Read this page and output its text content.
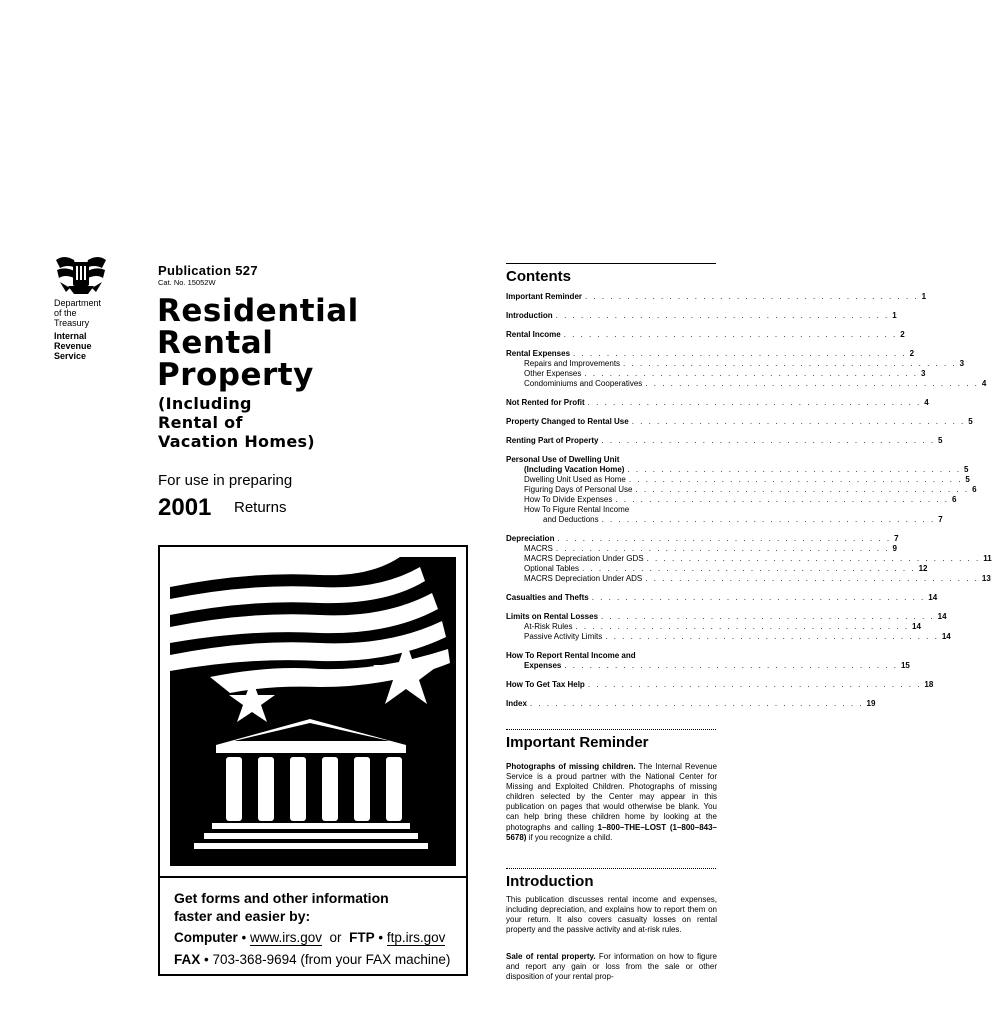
Department
of the
Treasury
Internal
Revenue
Service
Publication 527
Cat. No. 15052W
Residential
Rental
Property
(Including
Rental of
Vacation Homes)
For use in preparing
2001 Returns
Get forms and other information
faster and easier by:
Computer • www.irs.gov or FTP • ftp.irs.gov
FAX • 703-368-9694 (from your FAX machine)
Contents
Important Reminder . . . . . . . . . . . . . . . . . . . . . . . . . . . . . . . . . . . . . . . . 1
Introduction . . . . . . . . . . . . . . . . . . . . . . . . . . . . . . . . . . . . . . . . 1
Rental Income . . . . . . . . . . . . . . . . . . . . . . . . . . . . . . . . . . . . . . . . 2
Rental Expenses . . . . . . . . . . . . . . . . . . . . . . . . . . . . . . . . . . . . . . . . 2
Repairs and Improvements . . . . . . . . . . . . . . . . . . . . . . . . . . . . . . . . . . . . . . . . 3
Other Expenses . . . . . . . . . . . . . . . . . . . . . . . . . . . . . . . . . . . . . . . . 3
Condominiums and Cooperatives . . . . . . . . . . . . . . . . . . . . . . . . . . . . . . . . . . . . . . . . 4
Not Rented for Profit . . . . . . . . . . . . . . . . . . . . . . . . . . . . . . . . . . . . . . . . 4
Property Changed to Rental Use . . . . . . . . . . . . . . . . . . . . . . . . . . . . . . . . . . . . . . . . 5
Renting Part of Property . . . . . . . . . . . . . . . . . . . . . . . . . . . . . . . . . . . . . . . . 5
Personal Use of Dwelling Unit
(Including Vacation Home) . . . . . . . . . . . . . . . . . . . . . . . . . . . . . . . . . . . . . . . . 5
Dwelling Unit Used as Home . . . . . . . . . . . . . . . . . . . . . . . . . . . . . . . . . . . . . . . . 5
Figuring Days of Personal Use . . . . . . . . . . . . . . . . . . . . . . . . . . . . . . . . . . . . . . . . 6
How To Divide Expenses . . . . . . . . . . . . . . . . . . . . . . . . . . . . . . . . . . . . . . . . 6
How To Figure Rental Income
and Deductions . . . . . . . . . . . . . . . . . . . . . . . . . . . . . . . . . . . . . . . . 7
Depreciation . . . . . . . . . . . . . . . . . . . . . . . . . . . . . . . . . . . . . . . . 7
MACRS . . . . . . . . . . . . . . . . . . . . . . . . . . . . . . . . . . . . . . . . 9
MACRS Depreciation Under GDS . . . . . . . . . . . . . . . . . . . . . . . . . . . . . . . . . . . . . . . . 11
Optional Tables . . . . . . . . . . . . . . . . . . . . . . . . . . . . . . . . . . . . . . . . 12
MACRS Depreciation Under ADS . . . . . . . . . . . . . . . . . . . . . . . . . . . . . . . . . . . . . . . . 13
Casualties and Thefts . . . . . . . . . . . . . . . . . . . . . . . . . . . . . . . . . . . . . . . . 14
Limits on Rental Losses . . . . . . . . . . . . . . . . . . . . . . . . . . . . . . . . . . . . . . . . 14
At-Risk Rules . . . . . . . . . . . . . . . . . . . . . . . . . . . . . . . . . . . . . . . . 14
Passive Activity Limits . . . . . . . . . . . . . . . . . . . . . . . . . . . . . . . . . . . . . . . . 14
How To Report Rental Income and
Expenses . . . . . . . . . . . . . . . . . . . . . . . . . . . . . . . . . . . . . . . . 15
How To Get Tax Help . . . . . . . . . . . . . . . . . . . . . . . . . . . . . . . . . . . . . . . . 18
Index . . . . . . . . . . . . . . . . . . . . . . . . . . . . . . . . . . . . . . . . 19
Important Reminder
Photographs of missing children. The Internal Revenue Service is a proud partner with the National Center for Missing and Exploited Children. Photographs of missing children selected by the Center may appear in this publication on pages that would otherwise be blank. You can help bring these children home by looking at the photographs and calling 1–800–THE–LOST (1–800–843–5678) if you recognize a child.
Introduction
This publication discusses rental income and expenses, including depreciation, and explains how to report them on your return. It also covers casualty losses on rental property and the passive activity and at-risk rules.
Sale of rental property. For information on how to figure and report any gain or loss from the sale or other disposition of your rental prop-
